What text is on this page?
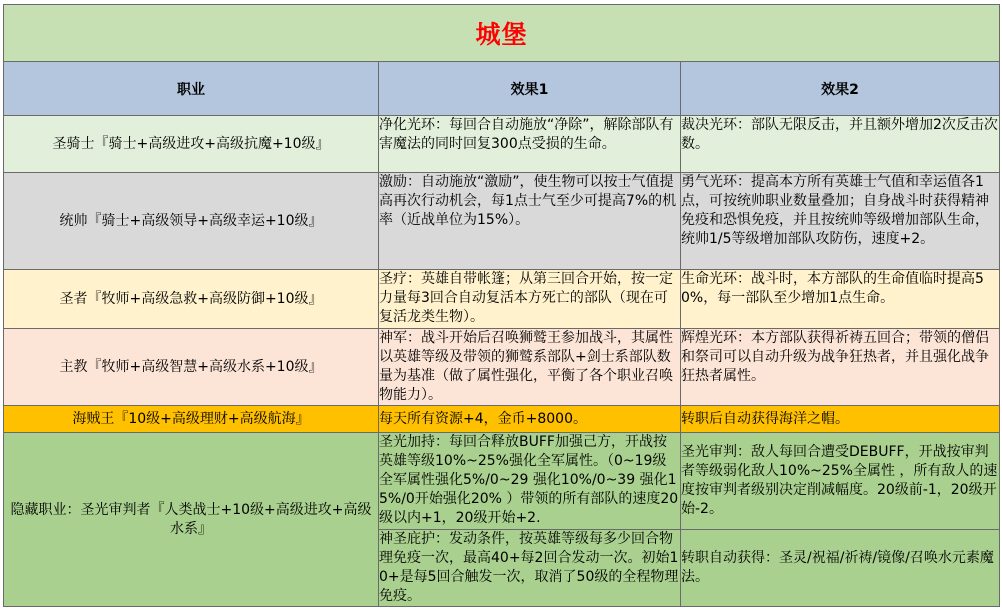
城堡		
职业	效果1	效果2
圣骑士『骑士+高级进攻+高级抗魔+10级』	净化光环：每回合自动施放“净除”，解除部队有害魔法的同时回复300点受损的生命。	裁决光环：部队无限反击，并且额外增加2次反击次数。
统帅『骑士+高级领导+高级幸运+10级』	激励：自动施放“激励”，使生物可以按士气值提高再次行动机会，每1点士气至少可提高7%的机率（近战单位为15%）。	勇气光环：提高本方所有英雄士气值和幸运值各1点，可按统帅职业数量叠加；自身战斗时获得精神免疫和恐惧免疫，并且按统帅等级增加部队生命，统帅1/5等级增加部队攻防伤，速度+2。
圣者『牧师+高级急救+高级防御+10级』	圣疗：英雄自带帐篷；从第三回合开始，按一定力量每3回合自动复活本方死亡的部队（现在可复活龙类生物）。	生命光环：战斗时，本方部队的生命值临时提高50%，每一部队至少增加1点生命。
主教『牧师+高级智慧+高级水系+10级』	神军：战斗开始后召唤狮鹫王参加战斗，其属性以英雄等级及带领的狮鹫系部队+剑士系部队数量为基准（做了属性强化，平衡了各个职业召唤物能力）。	辉煌光环：本方部队获得祈祷五回合；带领的僧侣和祭司可以自动升级为战争狂热者，并且强化战争狂热者属性。
海贼王『10级+高级理财+高级航海』	每天所有资源+4，金币+8000。	转职后自动获得海洋之帽。
隐藏职业：圣光审判者『人类战士+10级+高级进攻+高级水系』	圣光加持：每回合释放BUFF加强己方，开战按英雄等级10%~25%强化全军属性。（0~19级全军属性强化5%/0~29 强化10%/0~39 强化15%/0开始强化20% ）带领的所有部队的速度20级以内+1，20级开始+2.	圣光审判：敌人每回合遭受DEBUFF，开战按审判者等级弱化敌人10%~25%全属性 ，所有敌人的速度按审判者级别决定削减幅度。20级前-1，20级开始-2。
	神圣庇护：发动条件，按英雄等级每多少回合物理免疫一次，最高40+每2回合发动一次。初始10+是每5回合触发一次，取消了50级的全程物理免疫。	转职自动获得：圣灵/祝福/祈祷/镜像/召唤水元素魔法。
